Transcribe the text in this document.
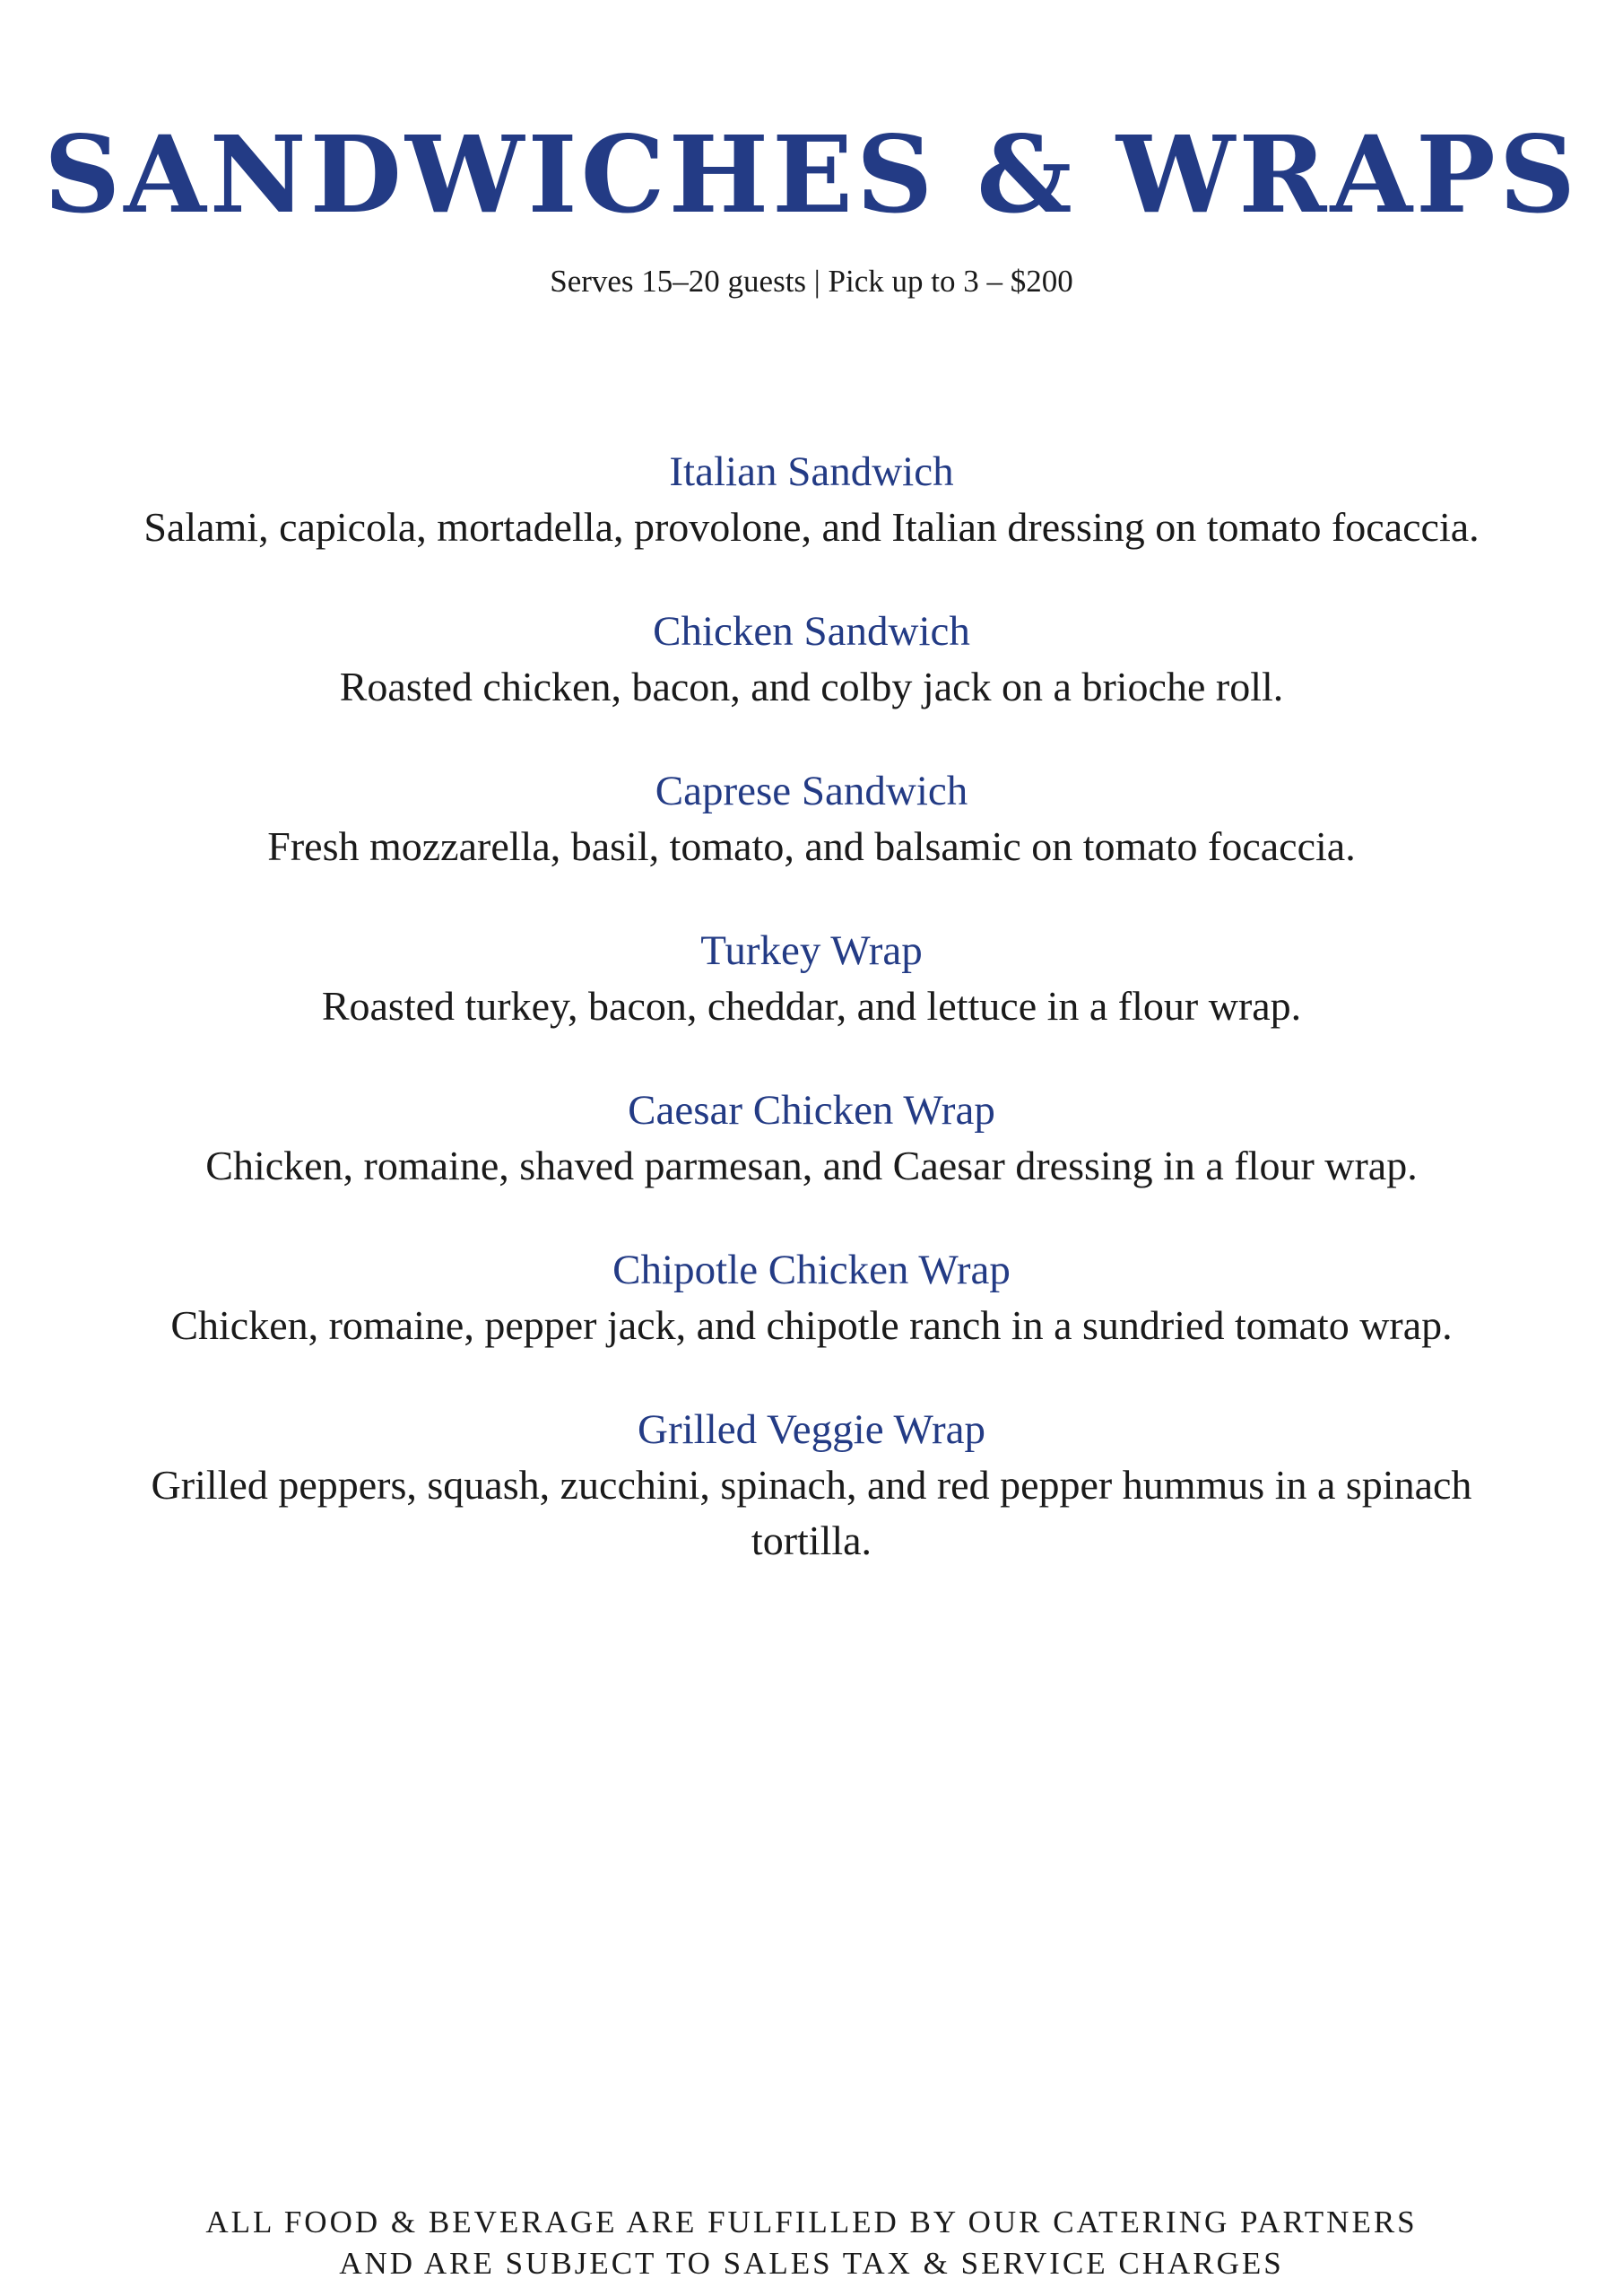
SANDWICHES & WRAPS

Serves 15–20 guests | Pick up to 3 – $200

Italian Sandwich

Salami, capicola, mortadella, provolone, and Italian dressing on tomato focaccia.

Chicken Sandwich

Roasted chicken, bacon, and colby jack on a brioche roll.

Caprese Sandwich

Fresh mozzarella, basil, tomato, and balsamic on tomato focaccia.

Turkey Wrap

Roasted turkey, bacon, cheddar, and lettuce in a flour wrap.

Caesar Chicken Wrap

Chicken, romaine, shaved parmesan, and Caesar dressing in a flour wrap.

Chipotle Chicken Wrap

Chicken, romaine, pepper jack, and chipotle ranch in a sundried tomato wrap.

Grilled Veggie Wrap

Grilled peppers, squash, zucchini, spinach, and red pepper hummus in a spinach tortilla.

ALL FOOD & BEVERAGE ARE FULFILLED BY OUR CATERING PARTNERS
AND ARE SUBJECT TO SALES TAX & SERVICE CHARGES
